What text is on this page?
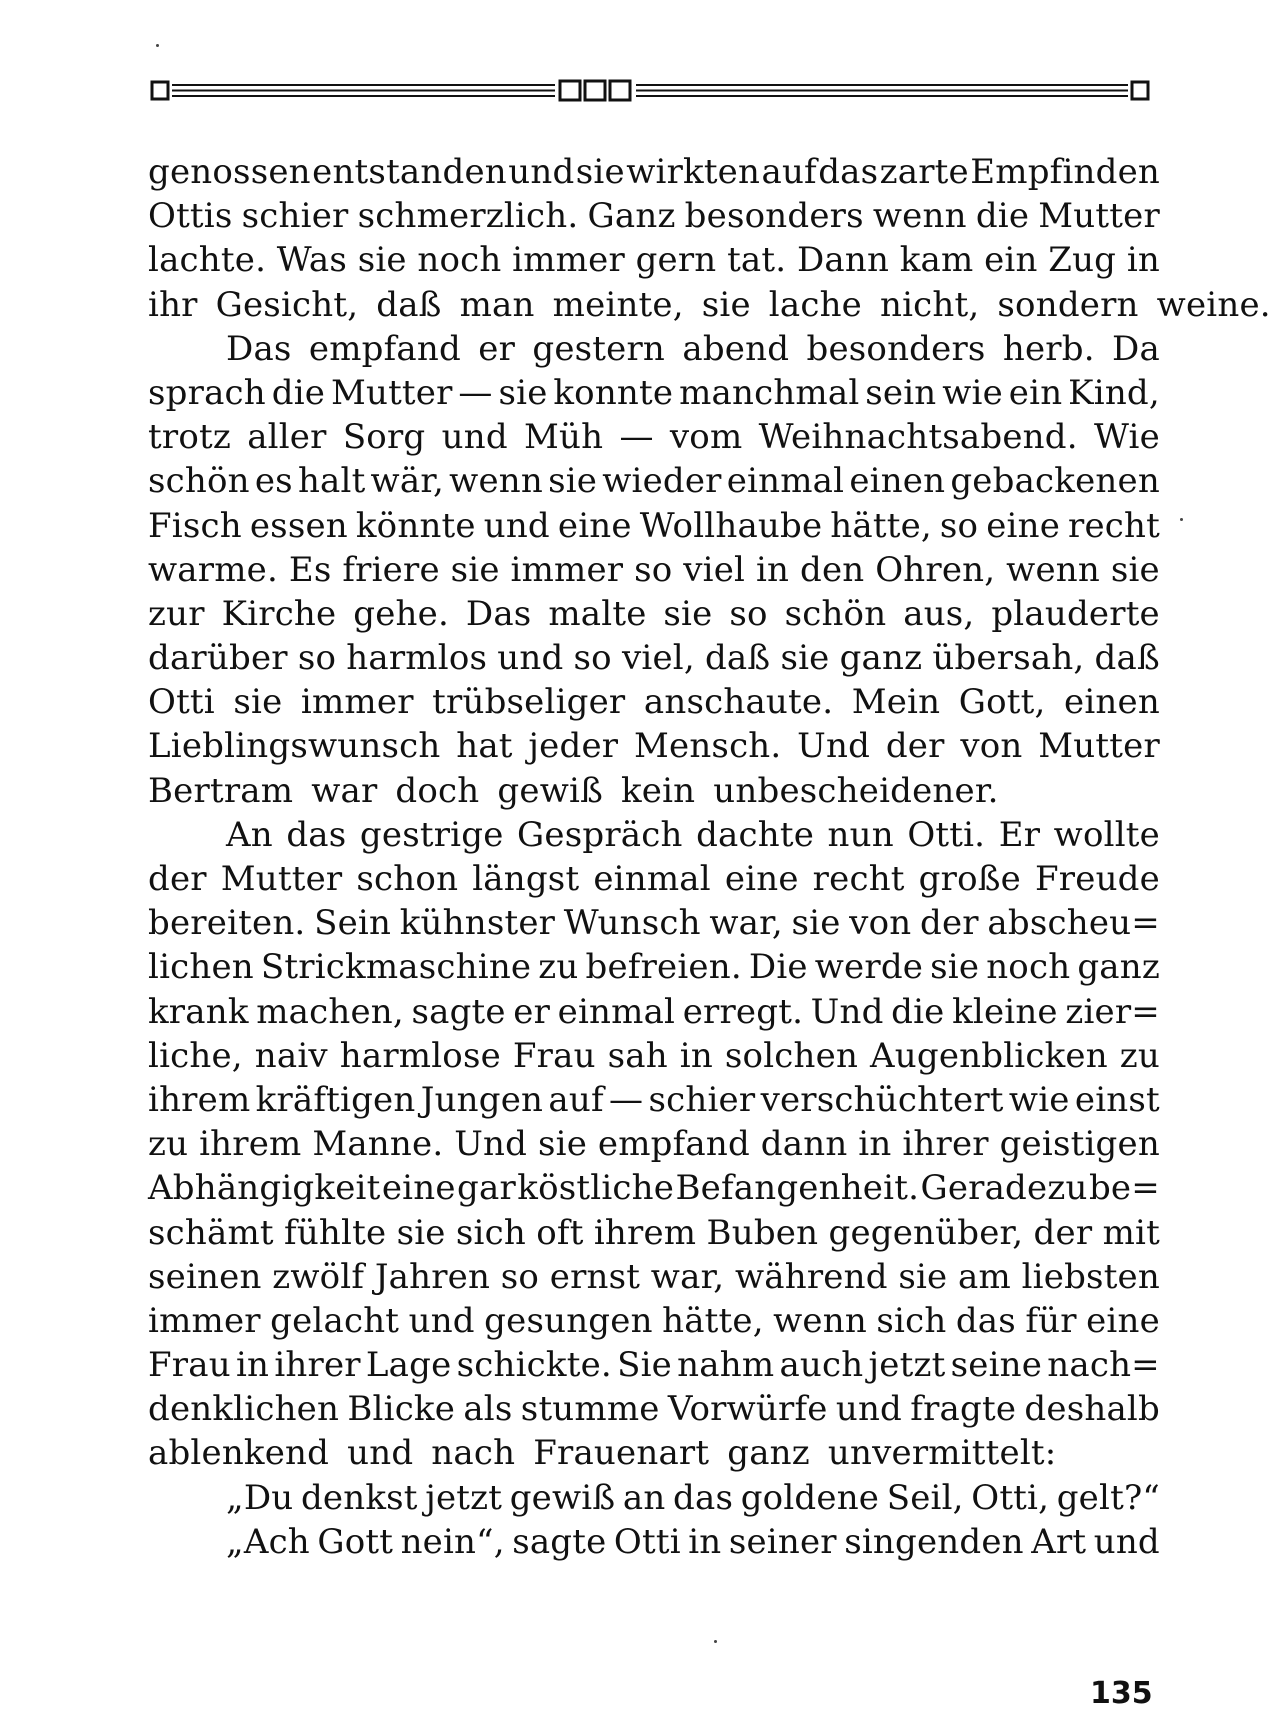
genossen entstanden und sie wirkten auf das zarte Empfinden
Ottis schier schmerzlich. Ganz besonders wenn die Mutter
lachte. Was sie noch immer gern tat. Dann kam ein Zug in
ihr Gesicht, daß man meinte, sie lache nicht, sondern weine.
Das empfand er gestern abend besonders herb. Da
sprach die Mutter — sie konnte manchmal sein wie ein Kind,
trotz aller Sorg und Müh — vom Weihnachtsabend. Wie
schön es halt wär, wenn sie wieder einmal einen gebackenen
Fisch essen könnte und eine Wollhaube hätte, so eine recht
warme. Es friere sie immer so viel in den Ohren, wenn sie
zur Kirche gehe. Das malte sie so schön aus, plauderte
darüber so harmlos und so viel, daß sie ganz übersah, daß
Otti sie immer trübseliger anschaute. Mein Gott, einen
Lieblingswunsch hat jeder Mensch. Und der von Mutter
Bertram war doch gewiß kein unbescheidener.
An das gestrige Gespräch dachte nun Otti. Er wollte
der Mutter schon längst einmal eine recht große Freude
bereiten. Sein kühnster Wunsch war, sie von der abscheu=
lichen Strickmaschine zu befreien. Die werde sie noch ganz
krank machen, sagte er einmal erregt. Und die kleine zier=
liche, naiv harmlose Frau sah in solchen Augenblicken zu
ihrem kräftigen Jungen auf — schier verschüchtert wie einst
zu ihrem Manne. Und sie empfand dann in ihrer geistigen
Abhängigkeit eine gar köstliche Befangenheit. Geradezu be=
schämt fühlte sie sich oft ihrem Buben gegenüber, der mit
seinen zwölf Jahren so ernst war, während sie am liebsten
immer gelacht und gesungen hätte, wenn sich das für eine
Frau in ihrer Lage schickte. Sie nahm auch jetzt seine nach=
denklichen Blicke als stumme Vorwürfe und fragte deshalb
ablenkend und nach Frauenart ganz unvermittelt:
„Du denkst jetzt gewiß an das goldene Seil, Otti, gelt?“
„Ach Gott nein“, sagte Otti in seiner singenden Art und
135
